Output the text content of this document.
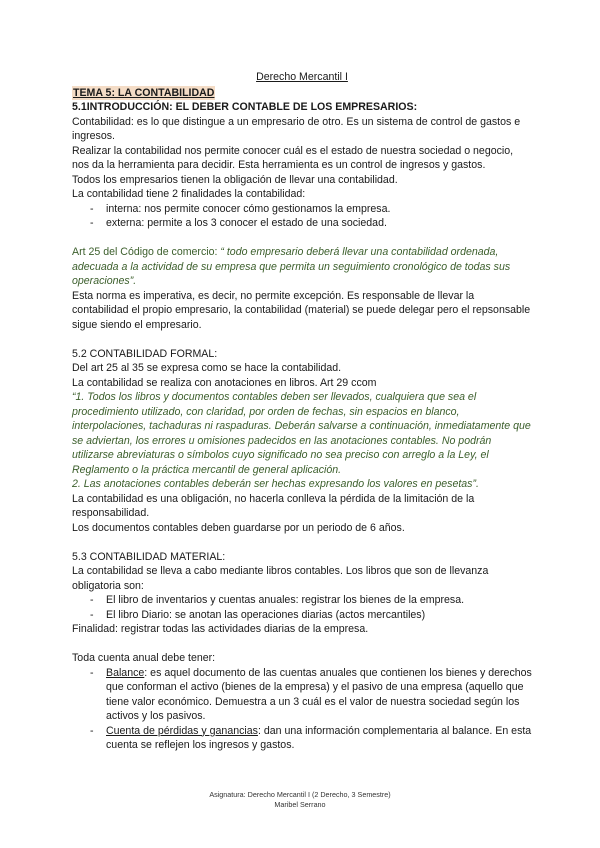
Derecho Mercantil I
TEMA 5: LA CONTABILIDAD
5.1INTRODUCCIÓN: EL DEBER CONTABLE DE LOS EMPRESARIOS:

Contabilidad: es lo que distingue a un empresario de otro. Es un sistema de control de gastos e ingresos.

Realizar la contabilidad nos permite conocer cuál es el estado de nuestra sociedad o negocio, nos da la herramienta para decidir. Esta herramienta es un control de ingresos y gastos.

Todos los empresarios tienen la obligación de llevar una contabilidad.

La contabilidad tiene 2 finalidades la contabilidad:

- interna: nos permite conocer cómo gestionamos la empresa.
- externa: permite a los 3 conocer el estado de una sociedad.

Art 25 del Código de comercio: “ todo empresario deberá llevar una contabilidad ordenada, adecuada a la actividad de su empresa que permita un seguimiento cronológico de todas sus operaciones”.

Esta norma es imperativa, es decir, no permite excepción. Es responsable de llevar la contabilidad el propio empresario, la contabilidad (material) se puede delegar pero el repsonsable sigue siendo el empresario.

5.2 CONTABILIDAD FORMAL:

Del art 25 al 35 se expresa como se hace la contabilidad.

La contabilidad se realiza con anotaciones en libros. Art 29 ccom

“1. Todos los libros y documentos contables deben ser llevados, cualquiera que sea el procedimiento utilizado, con claridad, por orden de fechas, sin espacios en blanco, interpolaciones, tachaduras ni raspaduras. Deberán salvarse a continuación, inmediatamente que se adviertan, los errores u omisiones padecidos en las anotaciones contables. No podrán utilizarse abreviaturas o símbolos cuyo significado no sea preciso con arreglo a la Ley, el Reglamento o la práctica mercantil de general aplicación.

2. Las anotaciones contables deberán ser hechas expresando los valores en pesetas”.

La contabilidad es una obligación, no hacerla conlleva la pérdida de la limitación de la responsabilidad.

Los documentos contables deben guardarse por un periodo de 6 años.

5.3 CONTABILIDAD MATERIAL:

La contabilidad se lleva a cabo mediante libros contables. Los libros que son de llevanza obligatoria son:

- El libro de inventarios y cuentas anuales: registrar los bienes de la empresa.
- El libro Diario: se anotan las operaciones diarias (actos mercantiles)

Finalidad: registrar todas las actividades diarias de la empresa.

Toda cuenta anual debe tener:

- Balance: es aquel documento de las cuentas anuales que contienen los bienes y derechos que conforman el activo (bienes de la empresa) y el pasivo de una empresa (aquello que tiene valor económico. Demuestra a un 3 cuál es el valor de nuestra sociedad según los activos y los pasivos.
- Cuenta de pérdidas y ganancias: dan una información complementaria al balance. En esta cuenta se reflejen los ingresos y gastos.
Asignatura: Derecho Mercantil I (2 Derecho, 3 Semestre)
Maribel Serrano
